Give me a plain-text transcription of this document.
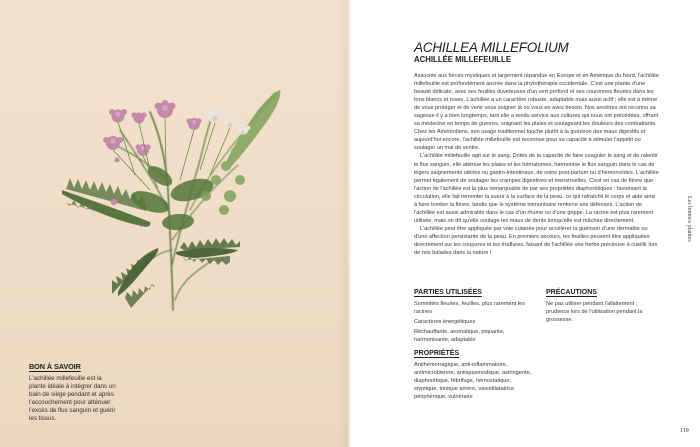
BON À SAVOIR
L'achillée millefeuille est la plante idéale à intégrer dans un bain de siège pendant et après l'accouchement pour atténuer l'excès de flux sanguin et guérir les tissus.
ACHILLEA MILLEFOLIUM
ACHILLÉE MILLEFEUILLE

Associée aux forces mystiques et largement répandue en Europe et en Amérique du Nord, l'achillée millefeuille est profondément ancrée dans la phytothérapie occidentale. C'est une plante d'une beauté délicate, avec ses feuilles duveteuses d'un vert profond et ses couronnes fleuries dans les tons blancs et roses. L'achillée a un caractère robuste, adaptable mais aussi actif ; elle est à même de vous protéger et de venir vous soigner là où vous en avez besoin. Nos ancêtres ont reconnu sa sagesse il y a bien longtemps, tant elle a rendu service aux cultures qui nous ont précédées, offrant sa médecine en temps de guerres, soignant les plaies et soulageant les douleurs des combattants. Chez les Amérindiens, son usage traditionnel touche plutôt à la guérison des maux digestifs et aujourd'hui encore, l'achillée millefeuille est reconnue pour sa capacité à stimuler l'appétit ou soulager un mal de ventre.

L'achillée millefeuille agit sur le sang. Dotée de la capacité de faire coaguler le sang et de ralentir le flux sanguin, elle atténue les plaies et les hématomes, harmonise le flux sanguin dans le cas de légers saignements utérins ou gastro-intestinaux, de soins post-partum ou d'hémorroïdes. L'achillée permet également de soulager les crampes digestives et menstruelles. C'est en cas de fièvre que l'action de l'achillée est la plus remarquable de par ses propriétés diaphorétiques : favorisant la circulation, elle fait remonter la sueur à la surface de la peau, ce qui rafraîchit le corps et aide ainsi à faire tomber la fièvre, tandis que le système immunitaire renforce ses défenses. L'action de l'achillée est aussi admirable dans le cas d'un rhume ou d'une grippe. La racine est plus rarement utilisée, mais on dit qu'elle soulage les maux de dents lorsqu'elle est mâchée directement.

L'achillée peut être appliquée par voie cutanée pour accélérer la guérison d'une dermatite ou d'une affection persistante de la peau. En premiers secours, les feuilles peuvent être appliquées directement sur les coupures et les éraflures, faisant de l'achillée une herbe précieuse à cueillir lors de nos balades dans la nature !

PARTIES UTILISÉES
Sommités fleuries, feuilles, plus rarement les racines
Caractères énergétiques
Réchauffante, aromatique, piquante, harmonisante, adaptable
PRÉCAUTIONS
Ne pas utiliser pendant l'allaitement ; prudence lors de l'utilisation pendant la grossesse.
PROPRIÉTÉS
Antihémorragique, anti-inflammatoire, antimicrobienne, antispasmodique, astringente, diaphorétique, fébrifuge, hémostatique, styptique, tonique amère, vasodilatatrice périphérique, vulnéraire
Les bonnes plantes
119
